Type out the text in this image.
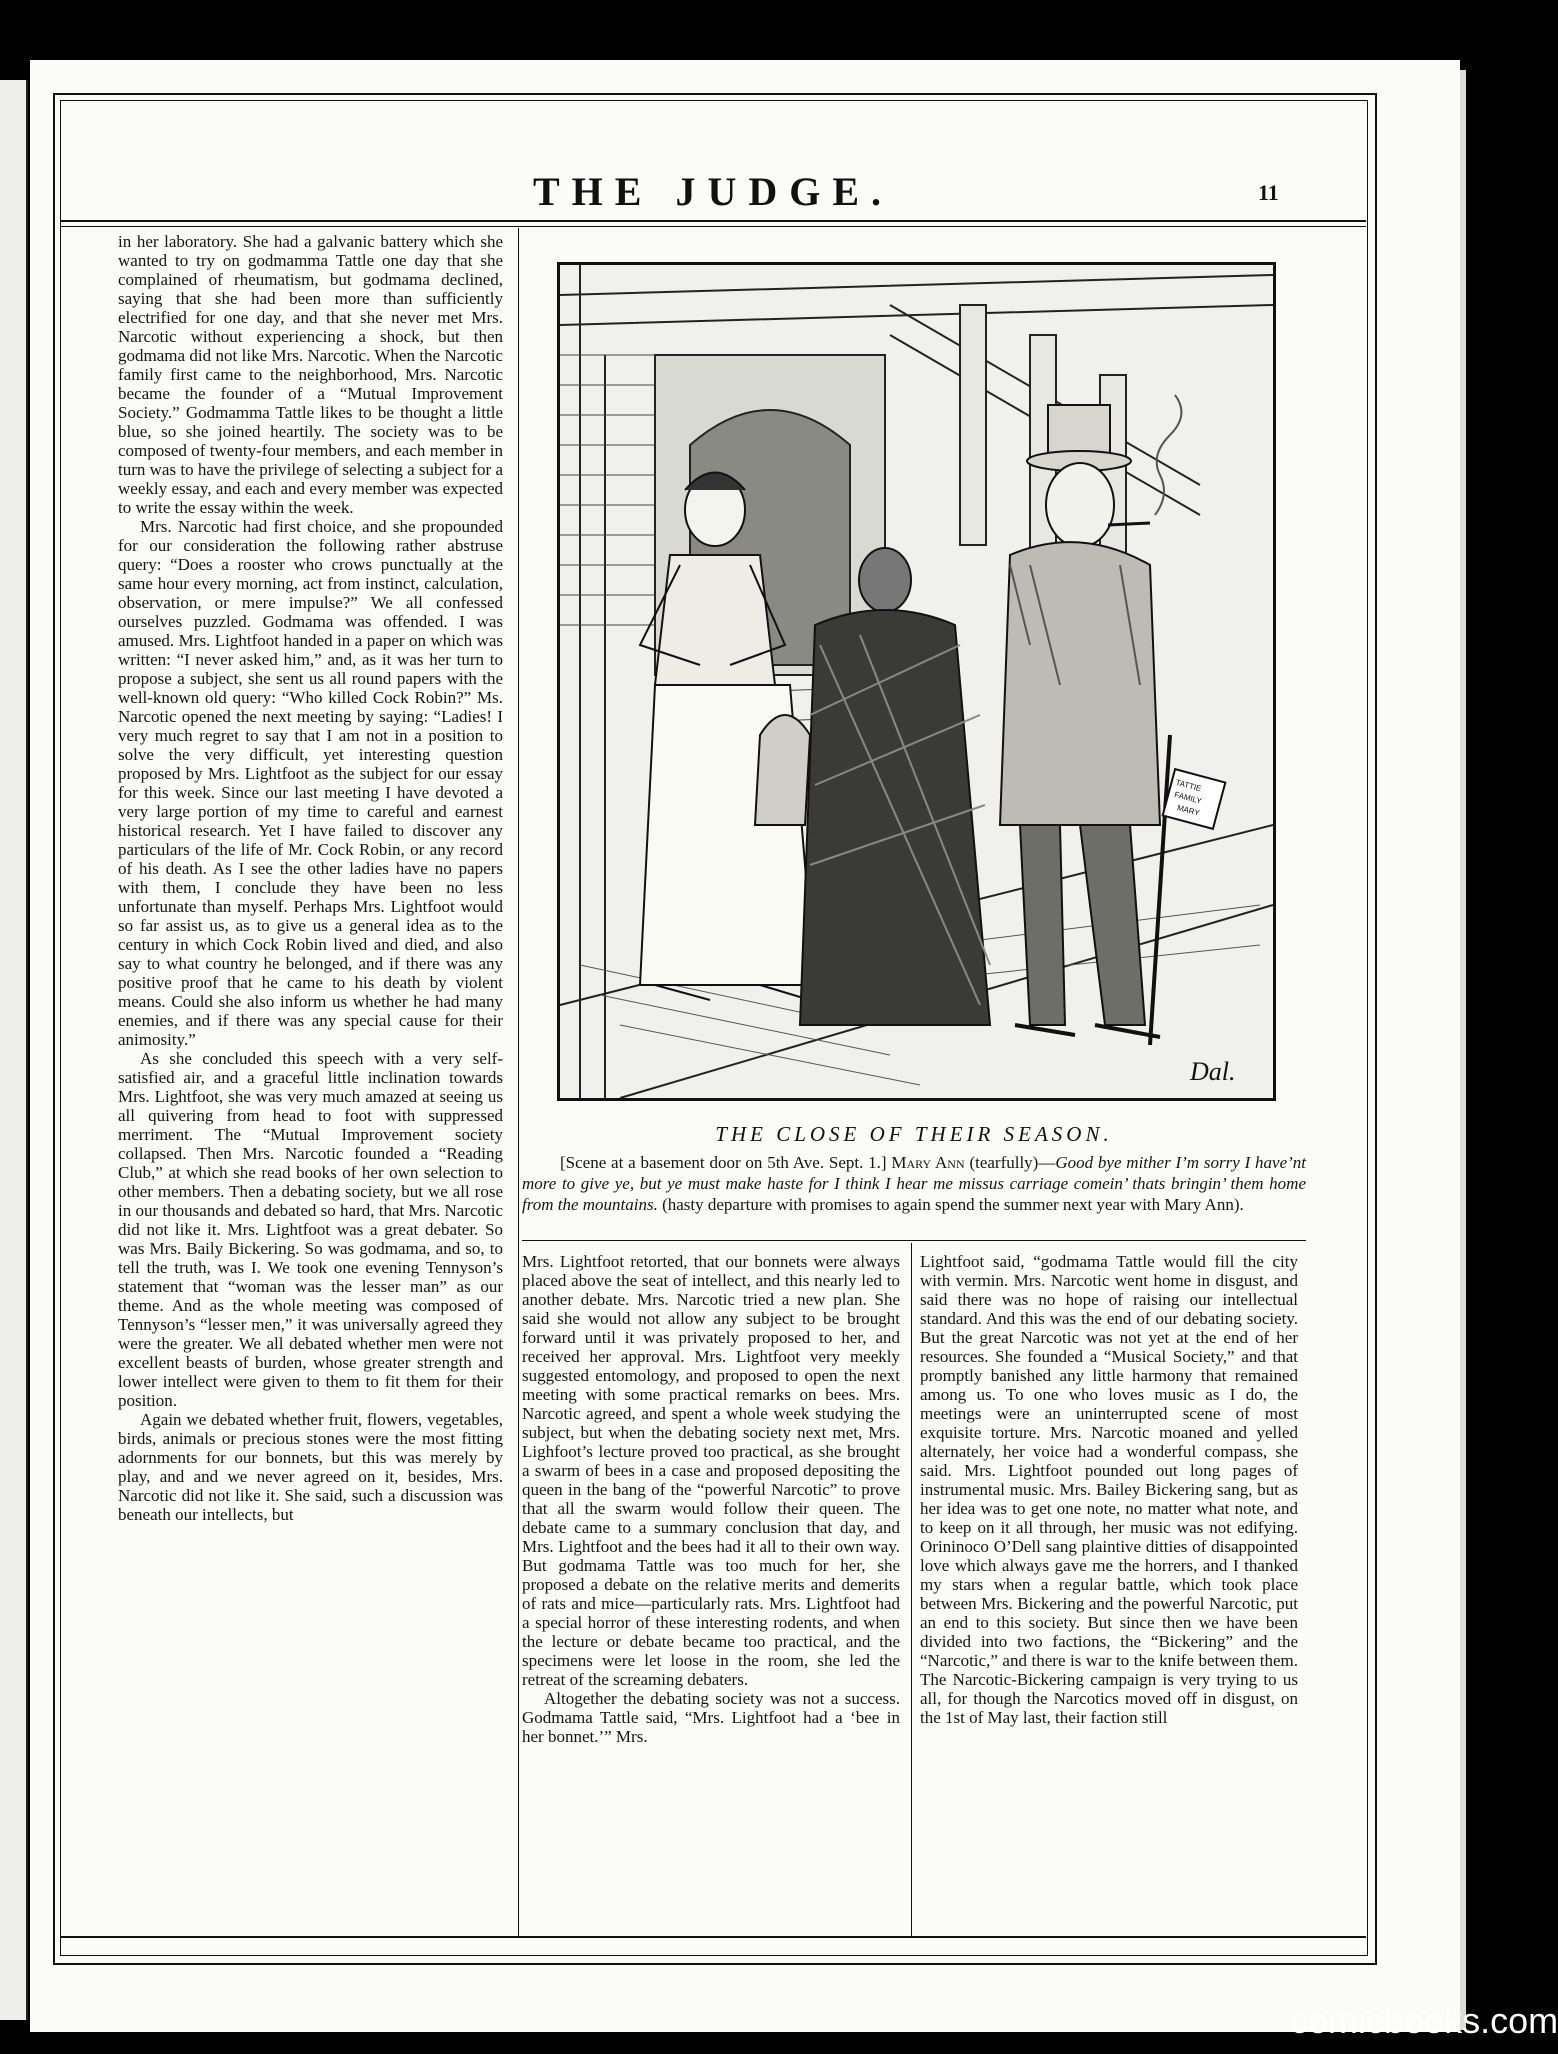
THE JUDGE.	11

in her laboratory. She had a galvanic battery which she wanted to try on godmamma Tattle one day that she complained of rheumatism, but godmama declined, saying that she had been more than sufficiently electrified for one day, and that she never met Mrs. Narcotic without experiencing a shock, but then godmama did not like Mrs. Narcotic. When the Narcotic family first came to the neighborhood, Mrs. Narcotic became the founder of a “Mutual Improvement Society.” Godmamma Tattle likes to be thought a little blue, so she joined heartily. The society was to be composed of twenty-four members, and each member in turn was to have the privilege of selecting a subject for a weekly essay, and each and every member was expected to write the essay within the week.

Mrs. Narcotic had first choice, and she propounded for our consideration the following rather abstruse query: “Does a rooster who crows punctually at the same hour every morning, act from instinct, calculation, observation, or mere impulse?” We all confessed ourselves puzzled. Godmama was offended. I was amused. Mrs. Lightfoot handed in a paper on which was written: “I never asked him,” and, as it was her turn to propose a subject, she sent us all round papers with the well-known old query: “Who killed Cock Robin?” Ms. Narcotic opened the next meeting by saying: “Ladies! I very much regret to say that I am not in a position to solve the very difficult, yet interesting question proposed by Mrs. Lightfoot as the subject for our essay for this week. Since our last meeting I have devoted a very large portion of my time to careful and earnest historical research. Yet I have failed to discover any particulars of the life of Mr. Cock Robin, or any record of his death. As I see the other ladies have no papers with them, I conclude they have been no less unfortunate than myself. Perhaps Mrs. Lightfoot would so far assist us, as to give us a general idea as to the century in which Cock Robin lived and died, and also say to what country he belonged, and if there was any positive proof that he came to his death by violent means. Could she also inform us whether he had many enemies, and if there was any special cause for their animosity.”

As she concluded this speech with a very self-satisfied air, and a graceful little inclination towards Mrs. Lightfoot, she was very much amazed at seeing us all quivering from head to foot with suppressed merriment. The “Mutual Improvement society collapsed. Then Mrs. Narcotic founded a “Reading Club,” at which she read books of her own selection to other members. Then a debating society, but we all rose in our thousands and debated so hard, that Mrs. Narcotic did not like it. Mrs. Lightfoot was a great debater. So was Mrs. Baily Bickering. So was godmama, and so, to tell the truth, was I. We took one evening Tennyson’s statement that “woman was the lesser man” as our theme. And as the whole meeting was composed of Tennyson’s “lesser men,” it was universally agreed they were the greater. We all debated whether men were not excellent beasts of burden, whose greater strength and lower intellect were given to them to fit them for their position.

Again we debated whether fruit, flowers, vegetables, birds, animals or precious stones were the most fitting adornments for our bonnets, but this was merely by play, and and we never agreed on it, besides, Mrs. Narcotic did not like it. She said, such a discussion was beneath our intellects, but

TATTIE
FAMILY
MARY
Dal.
THE CLOSE OF THEIR SEASON.
[Scene at a basement door on 5th Ave. Sept. 1.] Mary Ann (tearfully)—Good bye mither I’m sorry I have’nt more to give ye, but ye must make haste for I think I hear me missus carriage comein’ thats bringin’ them home from the mountains. (hasty departure with promises to again spend the summer next year with Mary Ann).

Mrs. Lightfoot retorted, that our bonnets were always placed above the seat of intellect, and this nearly led to another debate. Mrs. Narcotic tried a new plan. She said she would not allow any subject to be brought forward until it was privately proposed to her, and received her approval. Mrs. Lightfoot very meekly suggested entomology, and proposed to open the next meeting with some practical remarks on bees. Mrs. Narcotic agreed, and spent a whole week studying the subject, but when the debating society next met, Mrs. Lighfoot’s lecture proved too practical, as she brought a swarm of bees in a case and proposed depositing the queen in the bang of the “powerful Narcotic” to prove that all the swarm would follow their queen. The debate came to a summary conclusion that day, and Mrs. Lightfoot and the bees had it all to their own way. But godmama Tattle was too much for her, she proposed a debate on the relative merits and demerits of rats and mice—particularly rats. Mrs. Lightfoot had a special horror of these interesting rodents, and when the lecture or debate became too practical, and the specimens were let loose in the room, she led the retreat of the screaming debaters.

Altogether the debating society was not a success. Godmama Tattle said, “Mrs. Lightfoot had a ‘bee in her bonnet.’” Mrs.

Lightfoot said, “godmama Tattle would fill the city with vermin. Mrs. Narcotic went home in disgust, and said there was no hope of raising our intellectual standard. And this was the end of our debating society. But the great Narcotic was not yet at the end of her resources. She founded a “Musical Society,” and that promptly banished any little harmony that remained among us. To one who loves music as I do, the meetings were an uninterrupted scene of most exquisite torture. Mrs. Narcotic moaned and yelled alternately, her voice had a wonderful compass, she said. Mrs. Lightfoot pounded out long pages of instrumental music. Mrs. Bailey Bickering sang, but as her idea was to get one note, no matter what note, and to keep on it all through, her music was not edifying. Orininoco O’Dell sang plaintive ditties of disappointed love which always gave me the horrers, and I thanked my stars when a regular battle, which took place between Mrs. Bickering and the powerful Narcotic, put an end to this society. But since then we have been divided into two factions, the “Bickering” and the “Narcotic,” and there is war to the knife between them. The Narcotic-Bickering campaign is very trying to us all, for though the Narcotics moved off in disgust, on the 1st of May last, their faction still

comicbooks.com
